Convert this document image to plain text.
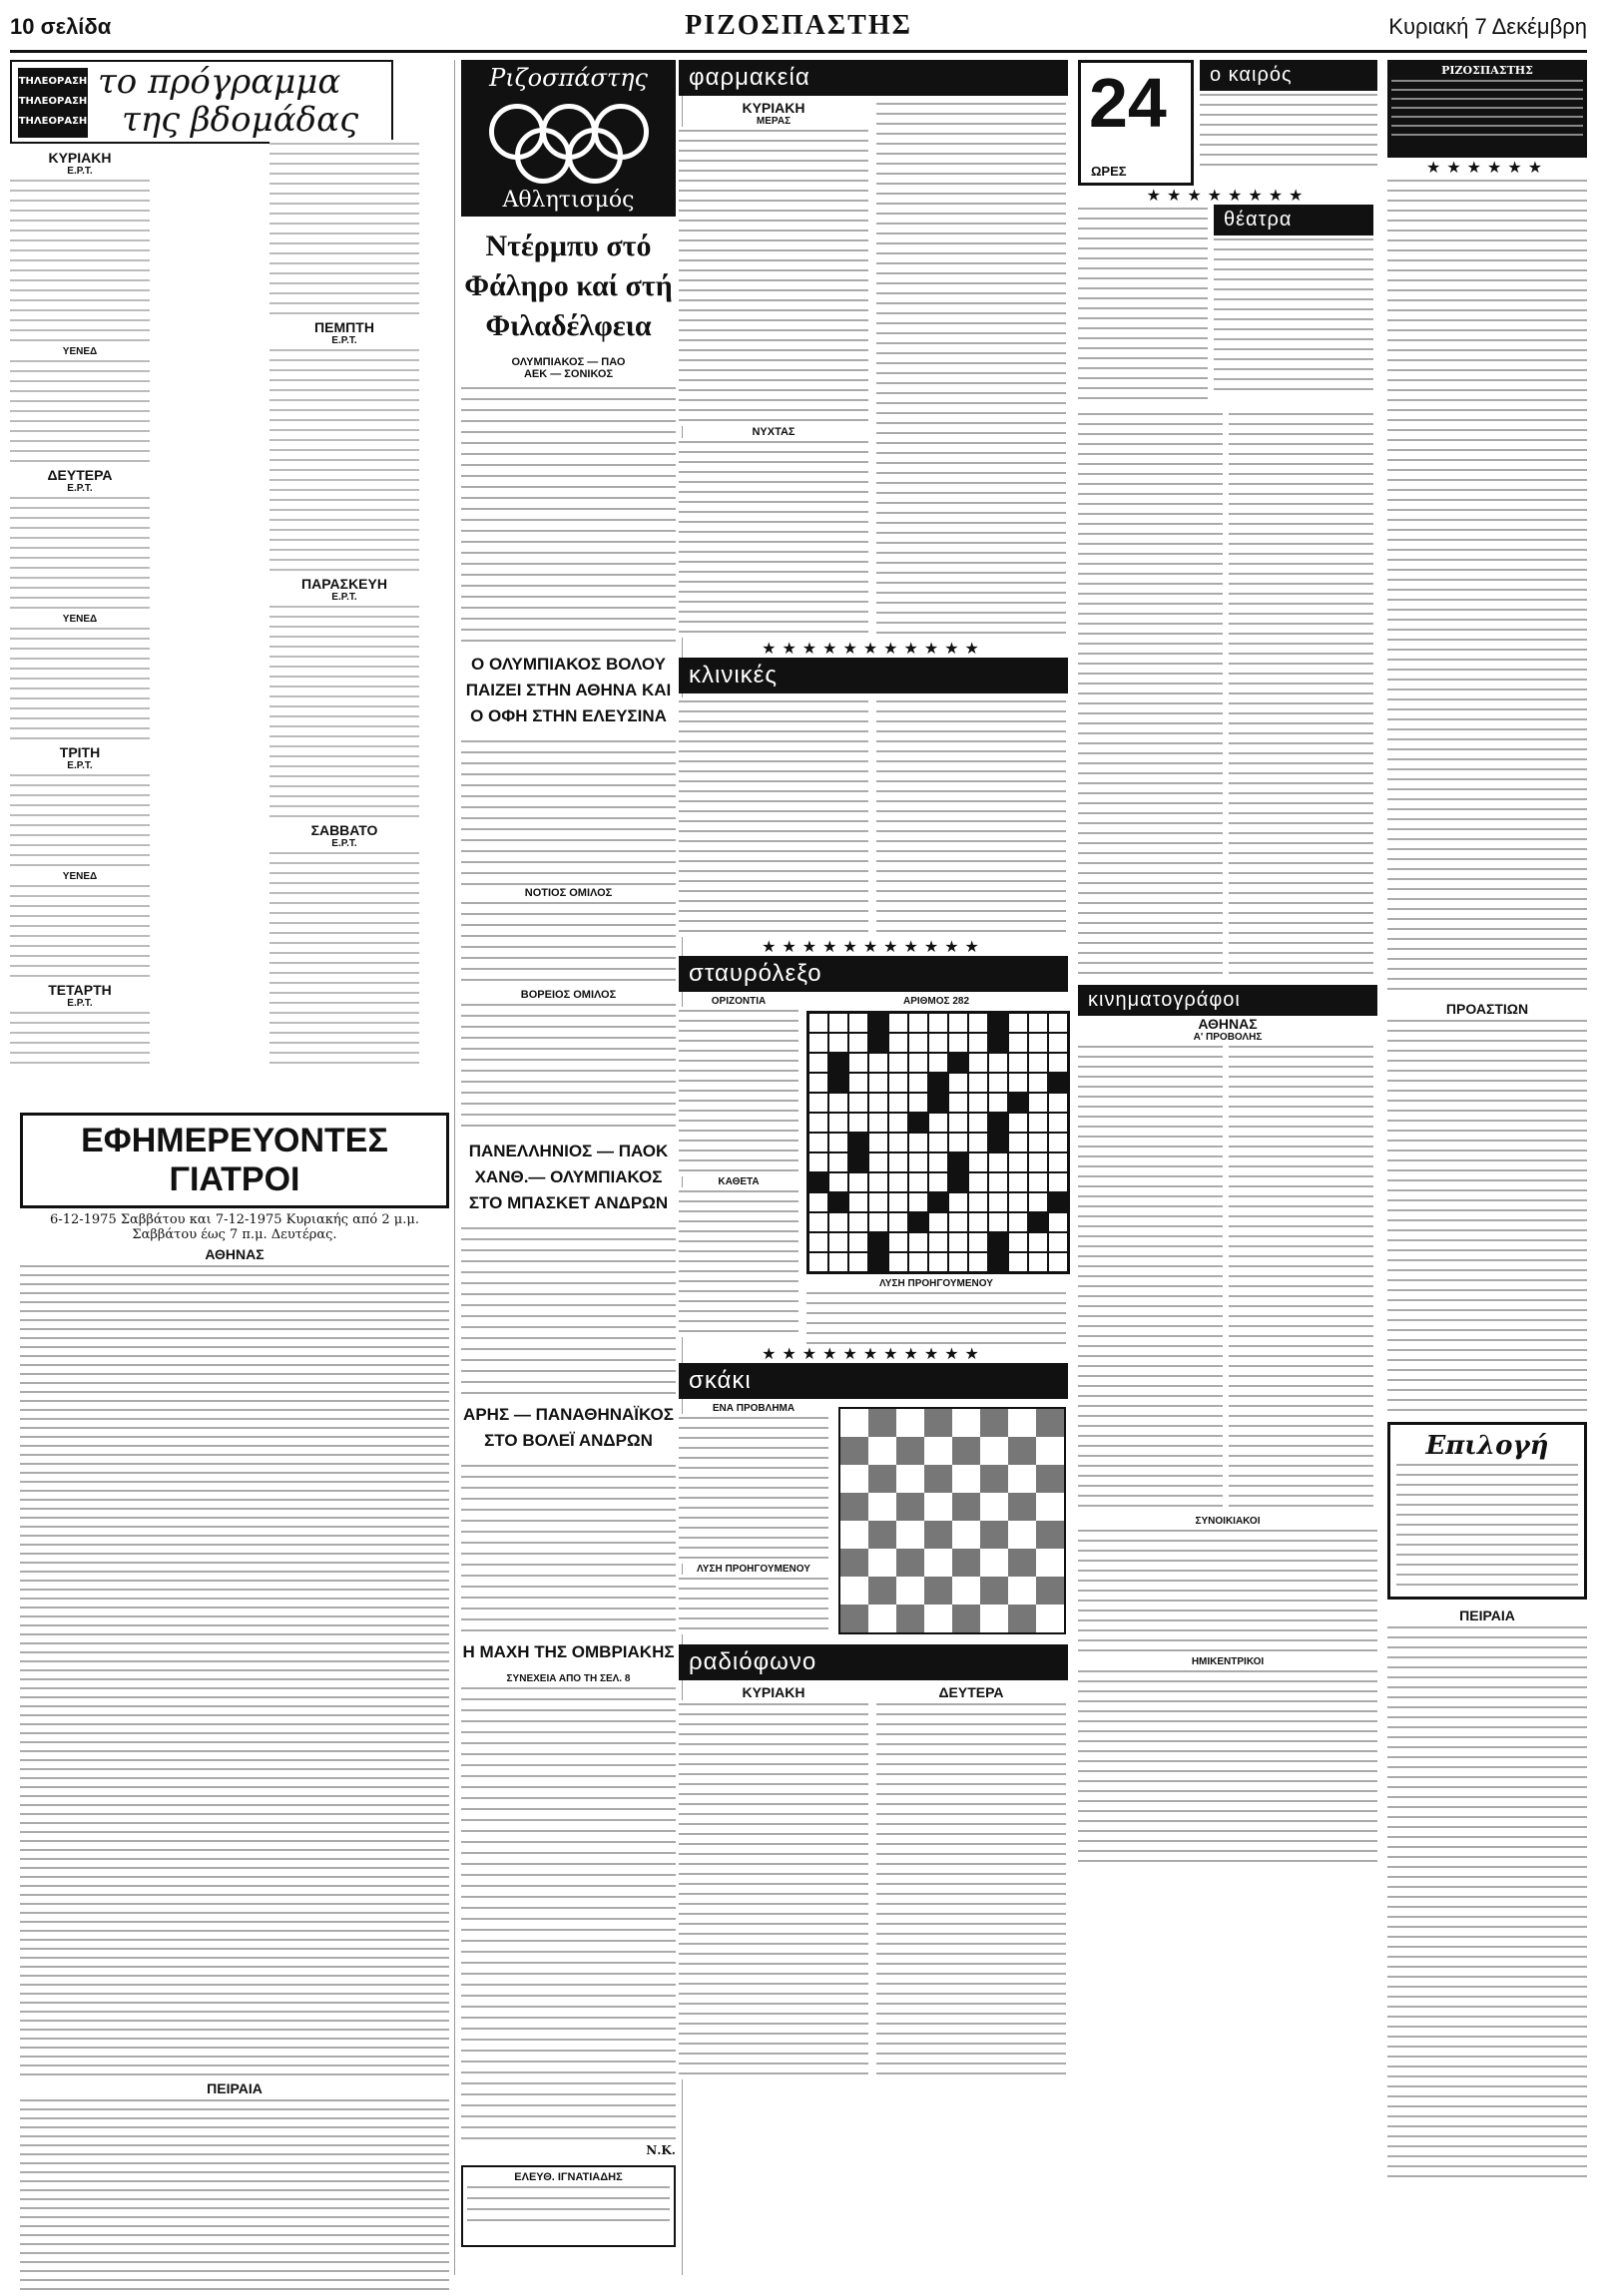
10 σελίδα	ΡΙΖΟΣΠΑΣΤΗΣ	Κυριακή 7 Δεκέμβρη
ΤΗΛΕΟΡΑΣΗ
ΤΗΛΕΟΡΑΣΗ
ΤΗΛΕΟΡΑΣΗ
το πρόγραμμα
της βδομάδας
ΚΥΡΙΑΚΗ
Ε.Ρ.Τ.
ΥΕΝΕΔ
ΔΕΥΤΕΡΑ
Ε.Ρ.Τ.
ΥΕΝΕΔ
ΤΡΙΤΗ
Ε.Ρ.Τ.
ΥΕΝΕΔ
ΤΕΤΑΡΤΗ
Ε.Ρ.Τ.
ΕΦΗΜΕΡΕΥΟΝΤΕΣ ΓΙΑΤΡΟΙ
6-12-1975 Σαββάτου και 7-12-1975 Κυριακής από 2 μ.μ. Σαββάτου έως 7 π.μ. Δευτέρας.
ΑΘΗΝΑΣ
ΠΕΙΡΑΙΑ
ΠΕΜΠΤΗ
Ε.Ρ.Τ.
ΠΑΡΑΣΚΕΥΗ
Ε.Ρ.Τ.
ΣΑΒΒΑΤΟ
Ε.Ρ.Τ.
Ριζοσπάστης
Αθλητισμός
Ντέρμπυ στό Φάληρο καί στή Φιλαδέλφεια
ΟΛΥΜΠΙΑΚΟΣ — ΠΑΟ
ΑΕΚ — ΣΟΝΙΚΟΣ
Ο ΟΛΥΜΠΙΑΚΟΣ ΒΟΛΟΥ ΠΑΙΖΕΙ ΣΤΗΝ ΑΘΗΝΑ ΚΑΙ Ο ΟΦΗ ΣΤΗΝ ΕΛΕΥΣΙΝΑ
ΝΟΤΙΟΣ ΟΜΙΛΟΣ
ΒΟΡΕΙΟΣ ΟΜΙΛΟΣ
ΠΑΝΕΛΛΗΝΙΟΣ — ΠΑΟΚ ΧΑΝΘ.— ΟΛΥΜΠΙΑΚΟΣ ΣΤΟ ΜΠΑΣΚΕΤ ΑΝΔΡΩΝ
ΑΡΗΣ — ΠΑΝΑΘΗΝΑΪΚΟΣ ΣΤΟ ΒΟΛΕΪ ΑΝΔΡΩΝ
Η ΜΑΧΗ ΤΗΣ ΟΜΒΡΙΑΚΗΣ
ΣΥΝΕΧΕΙΑ ΑΠΟ ΤΗ ΣΕΛ. 8
Ν.Κ.
ΕΛΕΥΘ. ΙΓΝΑΤΙΑΔΗΣ
φαρμακεία
ΚΥΡΙΑΚΗ
ΜΕΡΑΣ
ΝΥΧΤΑΣ
★★★★★★★★★★★
κλινικές
★★★★★★★★★★★
σταυρόλεξο
ΟΡΙΖΟΝΤΙΑ
ΚΑΘΕΤΑ
ΑΡΙΘΜΟΣ 282
ΛΥΣΗ ΠΡΟΗΓΟΥΜΕΝΟΥ
★★★★★★★★★★★
σκάκι
ΕΝΑ ΠΡΟΒΛΗΜΑ
ΛΥΣΗ ΠΡΟΗΓΟΥΜΕΝΟΥ
ραδιόφωνο
ΚΥΡΙΑΚΗ	ΔΕΥΤΕΡΑ
24
ΩΡΕΣ
ο καιρός
★★★★★★★★
θέατρα
κινηματογράφοι
ΑΘΗΝΑΣ
Α' ΠΡΟΒΟΛΗΣ
ΣΥΝΟΙΚΙΑΚΟΙ
ΗΜΙΚΕΝΤΡΙΚΟΙ
ΡΙΖΟΣΠΑΣΤΗΣ
★★★★★★
ΠΡΟΑΣΤΙΩΝ
Επιλογή
ΠΕΙΡΑΙΑ
